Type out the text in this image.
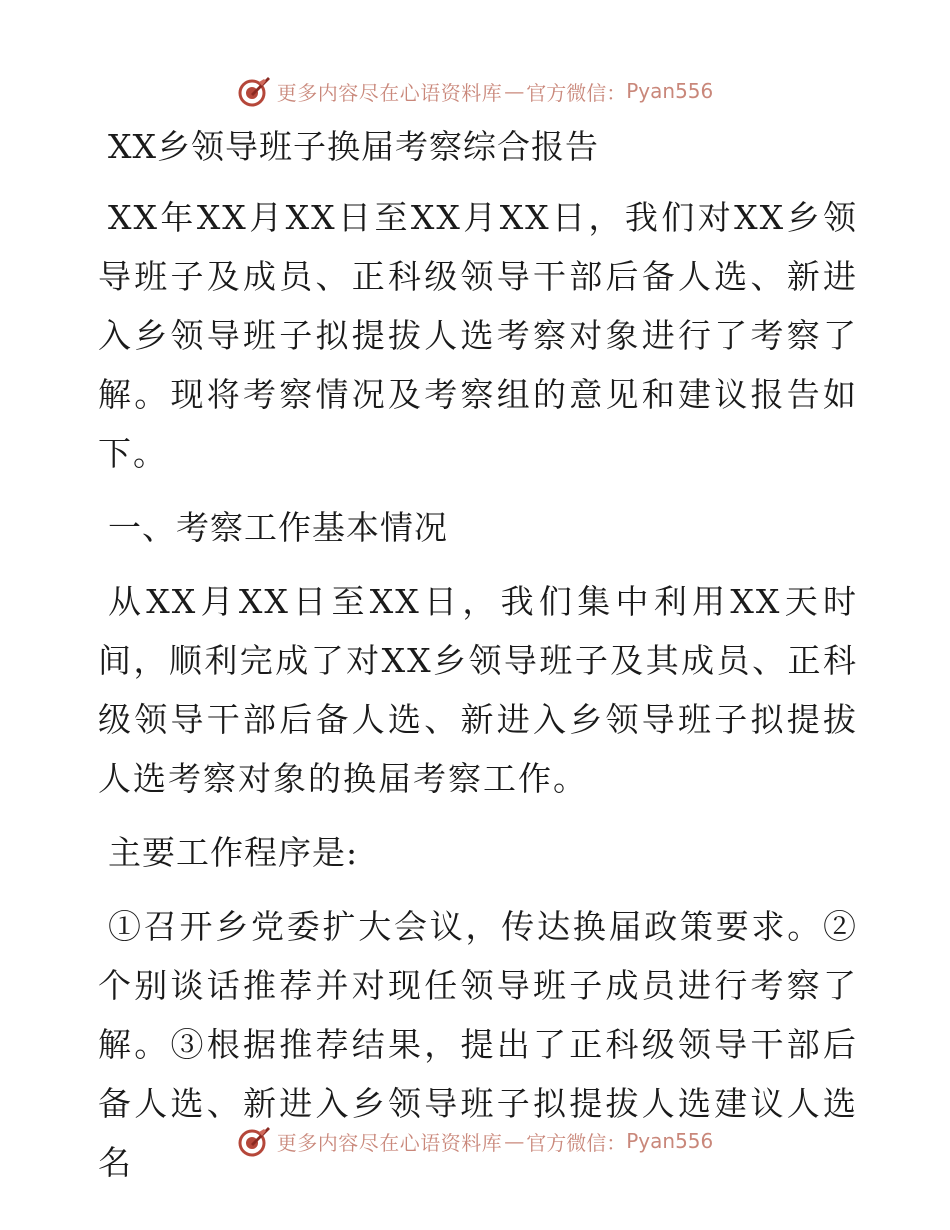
更多内容尽在心语资料库 — 官方微信： Pyan556
XX乡领导班子换届考察综合报告

XX年XX月XX日至XX月XX日，我们对XX乡领导班子及成员、正科级领导干部后备人选、新进入乡领导班子拟提拔人选考察对象进行了考察了解。现将考察情况及考察组的意见和建议报告如下。

一、考察工作基本情况

从XX月XX日至XX日，我们集中利用XX天时间，顺利完成了对XX乡领导班子及其成员、正科级领导干部后备人选、新进入乡领导班子拟提拔人选考察对象的换届考察工作。

主要工作程序是:

①召开乡党委扩大会议，传达换届政策要求。②个别谈话推荐并对现任领导班子成员进行考察了解。③根据推荐结果，提出了正科级领导干部后备人选、新进入乡领导班子拟提拔人选建议人选名

更多内容尽在心语资料库 — 官方微信： Pyan556
